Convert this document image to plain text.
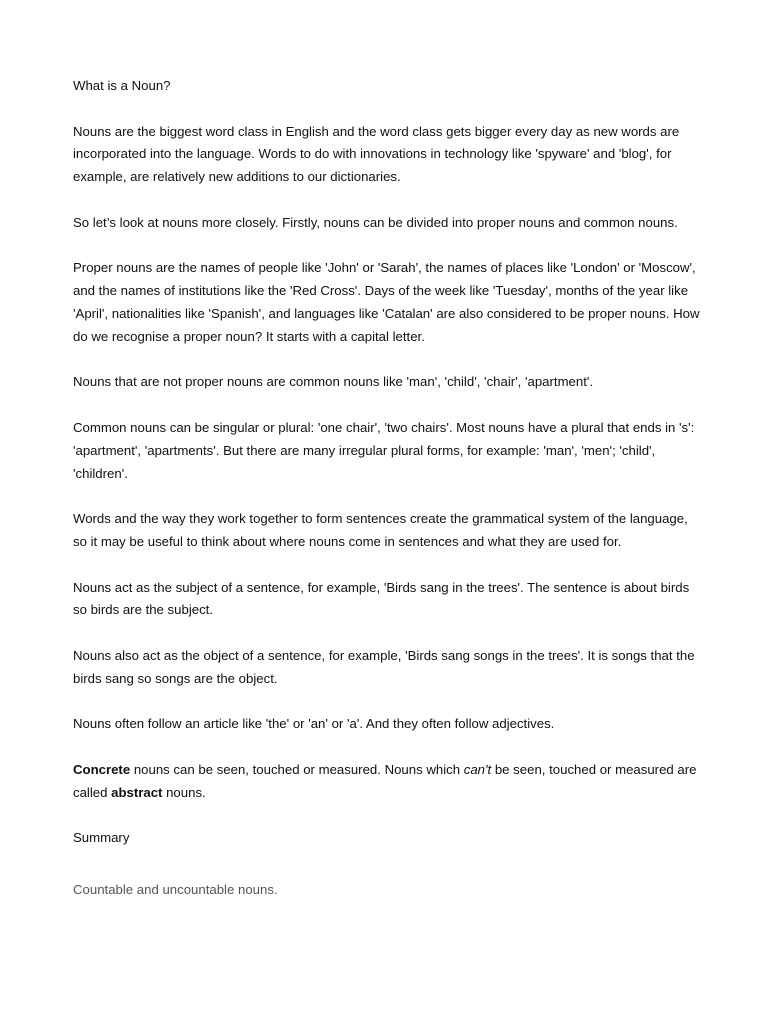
What is a Noun?

Nouns are the biggest word class in English and the word class gets bigger every day as new words are incorporated into the language. Words to do with innovations in technology like 'spyware' and 'blog', for example, are relatively new additions to our dictionaries.

So let’s look at nouns more closely. Firstly, nouns can be divided into proper nouns and common nouns.

Proper nouns are the names of people like 'John' or 'Sarah', the names of places like 'London' or 'Moscow', and the names of institutions like the 'Red Cross'. Days of the week like 'Tuesday', months of the year like 'April', nationalities like 'Spanish', and languages like 'Catalan' are also considered to be proper nouns. How do we recognise a proper noun? It starts with a capital letter.

Nouns that are not proper nouns are common nouns like 'man', 'child', 'chair', 'apartment'.

Common nouns can be singular or plural: 'one chair', 'two chairs'. Most nouns have a plural that ends in 's': 'apartment', 'apartments'. But there are many irregular plural forms, for example: 'man', 'men'; 'child', 'children'.

Words and the way they work together to form sentences create the grammatical system of the language, so it may be useful to think about where nouns come in sentences and what they are used for.

Nouns act as the subject of a sentence, for example, 'Birds sang in the trees'. The sentence is about birds so birds are the subject.

Nouns also act as the object of a sentence, for example, 'Birds sang songs in the trees'. It is songs that the birds sang so songs are the object.

Nouns often follow an article like 'the' or 'an' or 'a'. And they often follow adjectives.

Concrete nouns can be seen, touched or measured. Nouns which can't be seen, touched or measured are called abstract nouns.

Summary

Countable and uncountable nouns.
